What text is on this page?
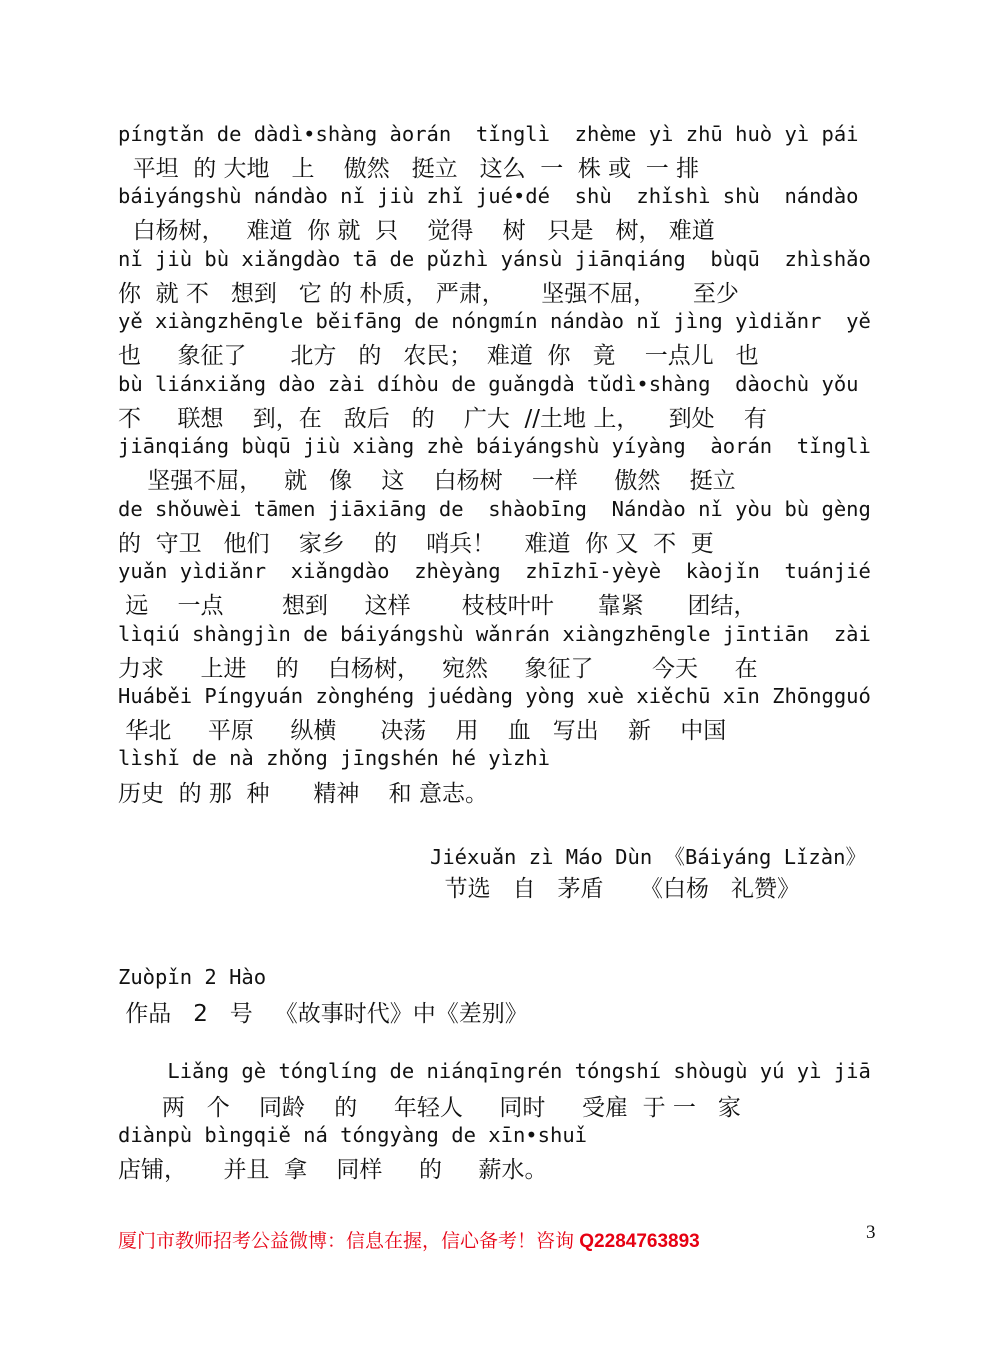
píngtǎn de dàdì•shàng àorán  tǐnglì  zhème yì zhū huò yì pái
平坦  的 大地   上    傲然   挺立   这么  一  株 或  一 排
báiyángshù nándào nǐ jiù zhǐ jué•dé  shù  zhǐshì shù  nándào
白杨树，   难道  你 就  只    觉得    树   只是   树， 难道
nǐ jiù bù xiǎngdào tā de pǔzhì yánsù jiānqiáng  bùqū  zhìshǎo
你  就 不   想到   它 的 朴质， 严肃，     坚强不屈，     至少
yě xiàngzhēngle běifāng de nóngmín nándào nǐ jìng yìdiǎnr  yě
也     象征了      北方   的   农民；  难道  你   竟    一点儿   也
bù liánxiǎng dào zài díhòu de guǎngdà tǔdì•shàng  dàochù yǒu
不     联想    到，在   敌后   的    广大  //土地 上，    到处    有
jiānqiáng bùqū jiù xiàng zhè báiyángshù yíyàng  àorán  tǐnglì
坚强不屈，   就   像    这    白杨树    一样     傲然    挺立
de shǒuwèi tāmen jiāxiāng de  shàobīng  Nándào nǐ yòu bù gèng
的  守卫   他们    家乡    的    哨兵！    难道  你 又  不  更
yuǎn yìdiǎnr  xiǎngdào  zhèyàng  zhīzhī-yèyè  kàojǐn  tuánjié
远    一点        想到     这样       枝枝叶叶      靠紧      团结，
lìqiú shàngjìn de báiyángshù wǎnrán xiàngzhēngle jīntiān  zài
力求     上进    的    白杨树，   宛然     象征了        今天     在
Huáběi Píngyuán zònghéng juédàng yòng xuè xiěchū xīn Zhōngguó
华北     平原     纵横      决荡    用    血   写出    新    中国
lìshǐ de nà zhǒng jīngshén hé yìzhì
历史  的 那  种      精神    和 意志。
Jiéxuǎn zì Máo Dùn 《Báiyáng Lǐzàn》
节选   自   茅盾     《白杨   礼赞》
Zuòpǐn 2 Hào
作品   2   号   《故事时代》中《差别》
Liǎng gè tónglíng de niánqīngrén tóngshí shòugù yú yì jiā
两   个    同龄    的     年轻人     同时     受雇  于 一   家
diànpù bìngqiě ná tóngyàng de xīn•shuǐ
店铺，     并且  拿    同样     的     薪水。
厦门市教师招考公益微博：信息在握，信心备考！咨询 Q2284763893	3
